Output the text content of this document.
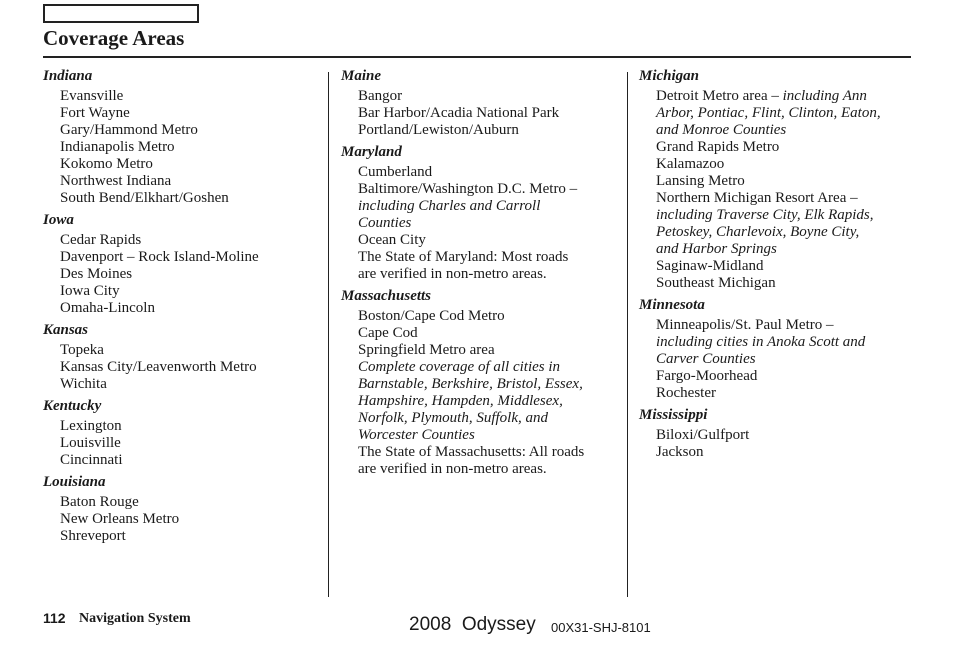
Coverage Areas
Indiana
Evansville
Fort Wayne
Gary/Hammond Metro
Indianapolis Metro
Kokomo Metro
Northwest Indiana
South Bend/Elkhart/Goshen
Iowa
Cedar Rapids
Davenport – Rock Island-Moline
Des Moines
Iowa City
Omaha-Lincoln
Kansas
Topeka
Kansas City/Leavenworth Metro
Wichita
Kentucky
Lexington
Louisville
Cincinnati
Louisiana
Baton Rouge
New Orleans Metro
Shreveport
Maine
Bangor
Bar Harbor/Acadia National Park
Portland/Lewiston/Auburn
Maryland
Cumberland
Baltimore/Washington D.C. Metro –
including Charles and Carroll
Counties
Ocean City
The State of Maryland: Most roads
are verified in non-metro areas.
Massachusetts
Boston/Cape Cod Metro
Cape Cod
Springfield Metro area
Complete coverage of all cities in
Barnstable, Berkshire, Bristol, Essex,
Hampshire, Hampden, Middlesex,
Norfolk, Plymouth, Suffolk, and
Worcester Counties
The State of Massachusetts: All roads
are verified in non-metro areas.
Michigan
Detroit Metro area – including Ann
Arbor, Pontiac, Flint, Clinton, Eaton,
and Monroe Counties
Grand Rapids Metro
Kalamazoo
Lansing Metro
Northern Michigan Resort Area –
including Traverse City, Elk Rapids,
Petoskey, Charlevoix, Boyne City,
and Harbor Springs
Saginaw-Midland
Southeast Michigan
Minnesota
Minneapolis/St. Paul Metro –
including cities in Anoka Scott and
Carver Counties
Fargo-Moorhead
Rochester
Mississippi
Biloxi/Gulfport
Jackson
112 Navigation System	2008  Odyssey 00X31-SHJ-8101
